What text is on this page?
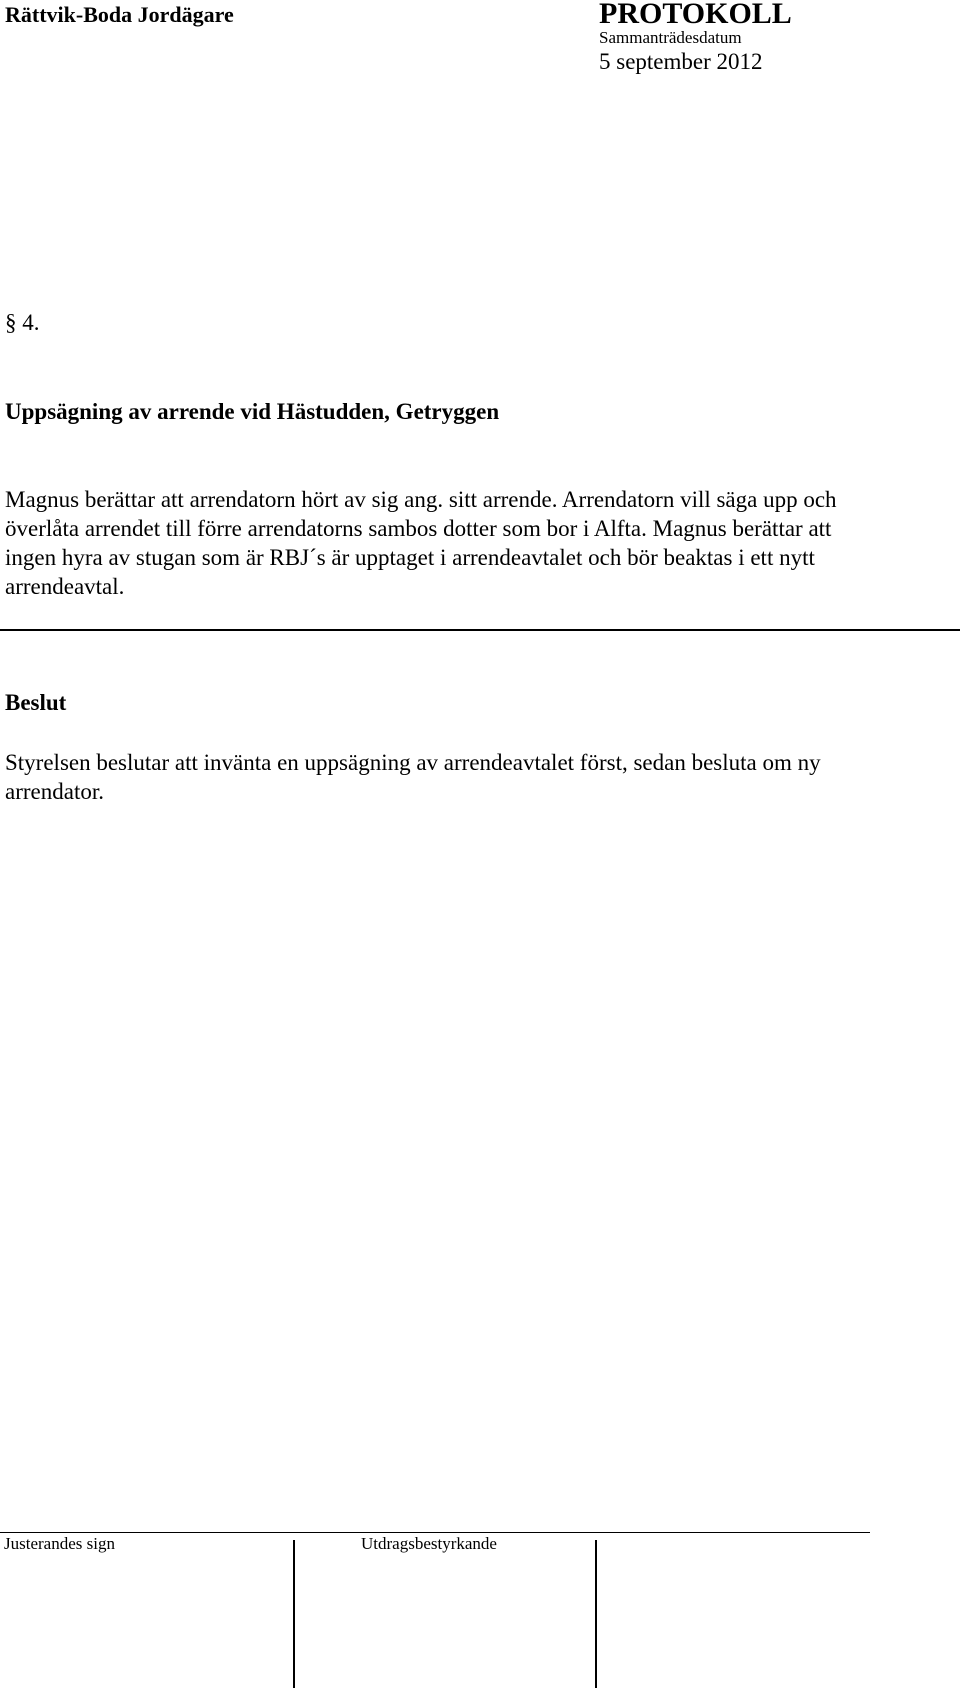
Rättvik-Boda Jordägare	PROTOKOLL
Sammanträdesdatum
5 september 2012
§ 4.
Uppsägning av arrende vid Hästudden, Getryggen
Magnus berättar att arrendatorn hört av sig ang. sitt arrende. Arrendatorn vill säga upp och
överlåta arrendet till förre arrendatorns sambos dotter som bor i Alfta. Magnus berättar att
ingen hyra av stugan som är RBJ´s är upptaget i arrendeavtalet och bör beaktas i ett nytt
arrendeavtal.
Beslut
Styrelsen beslutar att invänta en uppsägning av arrendeavtalet först, sedan besluta om ny
arrendator.
Justerandes sign	Utdragsbestyrkande
